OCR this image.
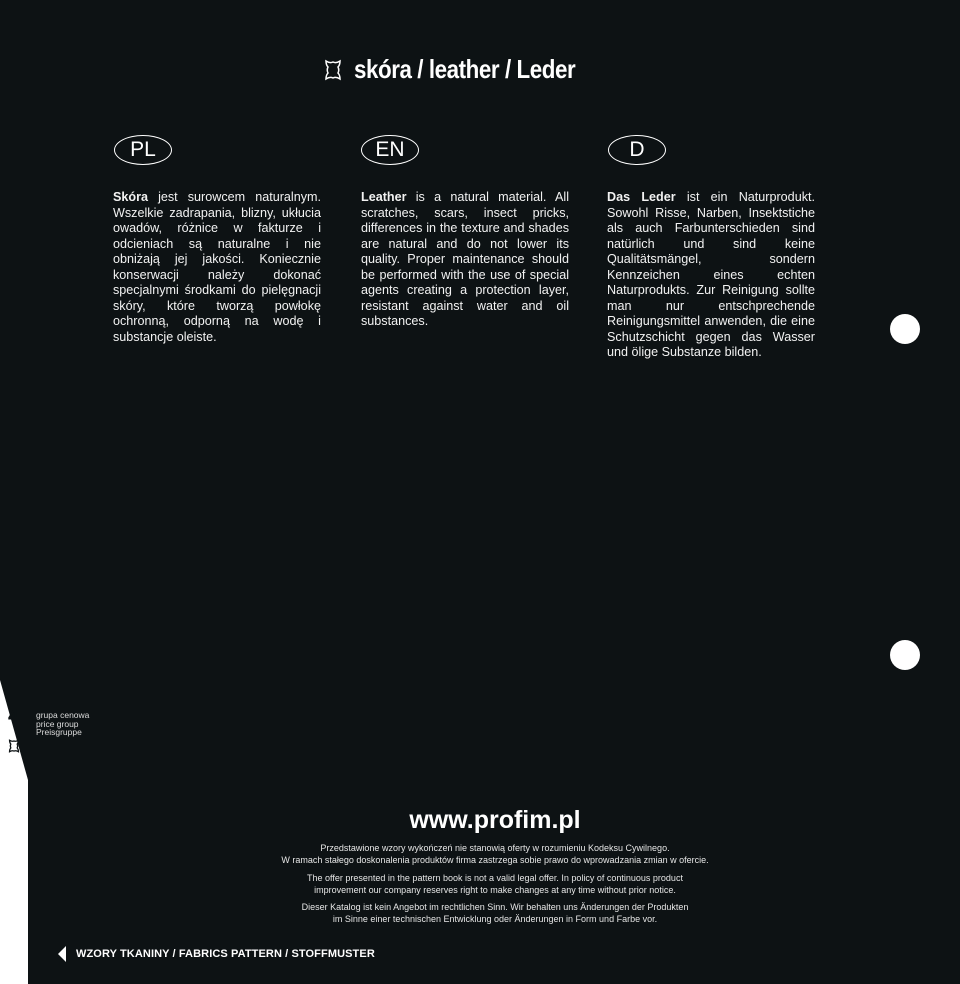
skóra / leather / Leder
PL	EN	D
Skóra jest surowcem naturalnym. Wszelkie zadrapania, blizny, ukłucia owadów, różnice w fakturze i odcieniach są naturalne i nie obniżają jej jakości. Koniecznie konserwacji należy dokonać specjalnymi środkami do pielęgnacji skóry, które tworzą powłokę ochronną, odporną na wodę i substancje oleiste.
Leather is a natural material. All scratches, scars, insect pricks, differences in the texture and shades are natural and do not lower its quality. Proper maintenance should be performed with the use of special agents creating a protection layer, resistant against water and oil substances.
Das Leder ist ein Naturprodukt. Sowohl Risse, Narben, Insektstiche als auch Farbunterschieden sind natürlich und sind keine Qualitätsmängel, sondern Kennzeichen eines echten Naturprodukts. Zur Reinigung sollte man nur entschprechende Reinigungsmittel anwenden, die eine Schutzschicht gegen das Wasser und ölige Substanze bilden.
4 grupa cenowa
price group
Preisgruppe
www.profim.pl
Przedstawione wzory wykończeń nie stanowią oferty w rozumieniu Kodeksu Cywilnego.
W ramach stałego doskonalenia produktów firma zastrzega sobie prawo do wprowadzania zmian w ofercie.
The offer presented in the pattern book is not a valid legal offer. In policy of continuous product
improvement our company reserves right to make changes at any time without prior notice.
Dieser Katalog ist kein Angebot im rechtlichen Sinn. Wir behalten uns Änderungen der Produkten
im Sinne einer technischen Entwicklung oder Änderungen in Form und Farbe vor.
WZORY TKANINY / FABRICS PATTERN / STOFFMUSTER
